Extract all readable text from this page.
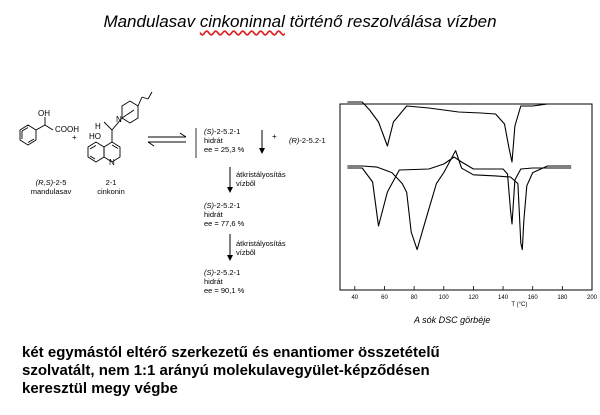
Mandulasav cinkoninnal történő reszolválása vízben
OH
COOH
+
(R,S)-2-5
mandulasav
H
HO
N
N
2-1
cinkonin
(S)-2-5.2-1
hidrát
ee = 25,3 %
+ (R)-2-5.2-1
átkristályosítás
vízből
(S)-2-5.2-1
hidrát
ee = 77,6 %
átkristályosítás
vízből
(S)-2-5.2-1
hidrát
ee = 90,1 %
40	60	80	100	120	140	160	180	200
T (°C)
A sók DSC görbéje
két egymástól eltérő szerkezetű és enantiomer összetételű
szolvatált, nem 1:1 arányú molekulavegyület-képződésen
keresztül megy végbe
